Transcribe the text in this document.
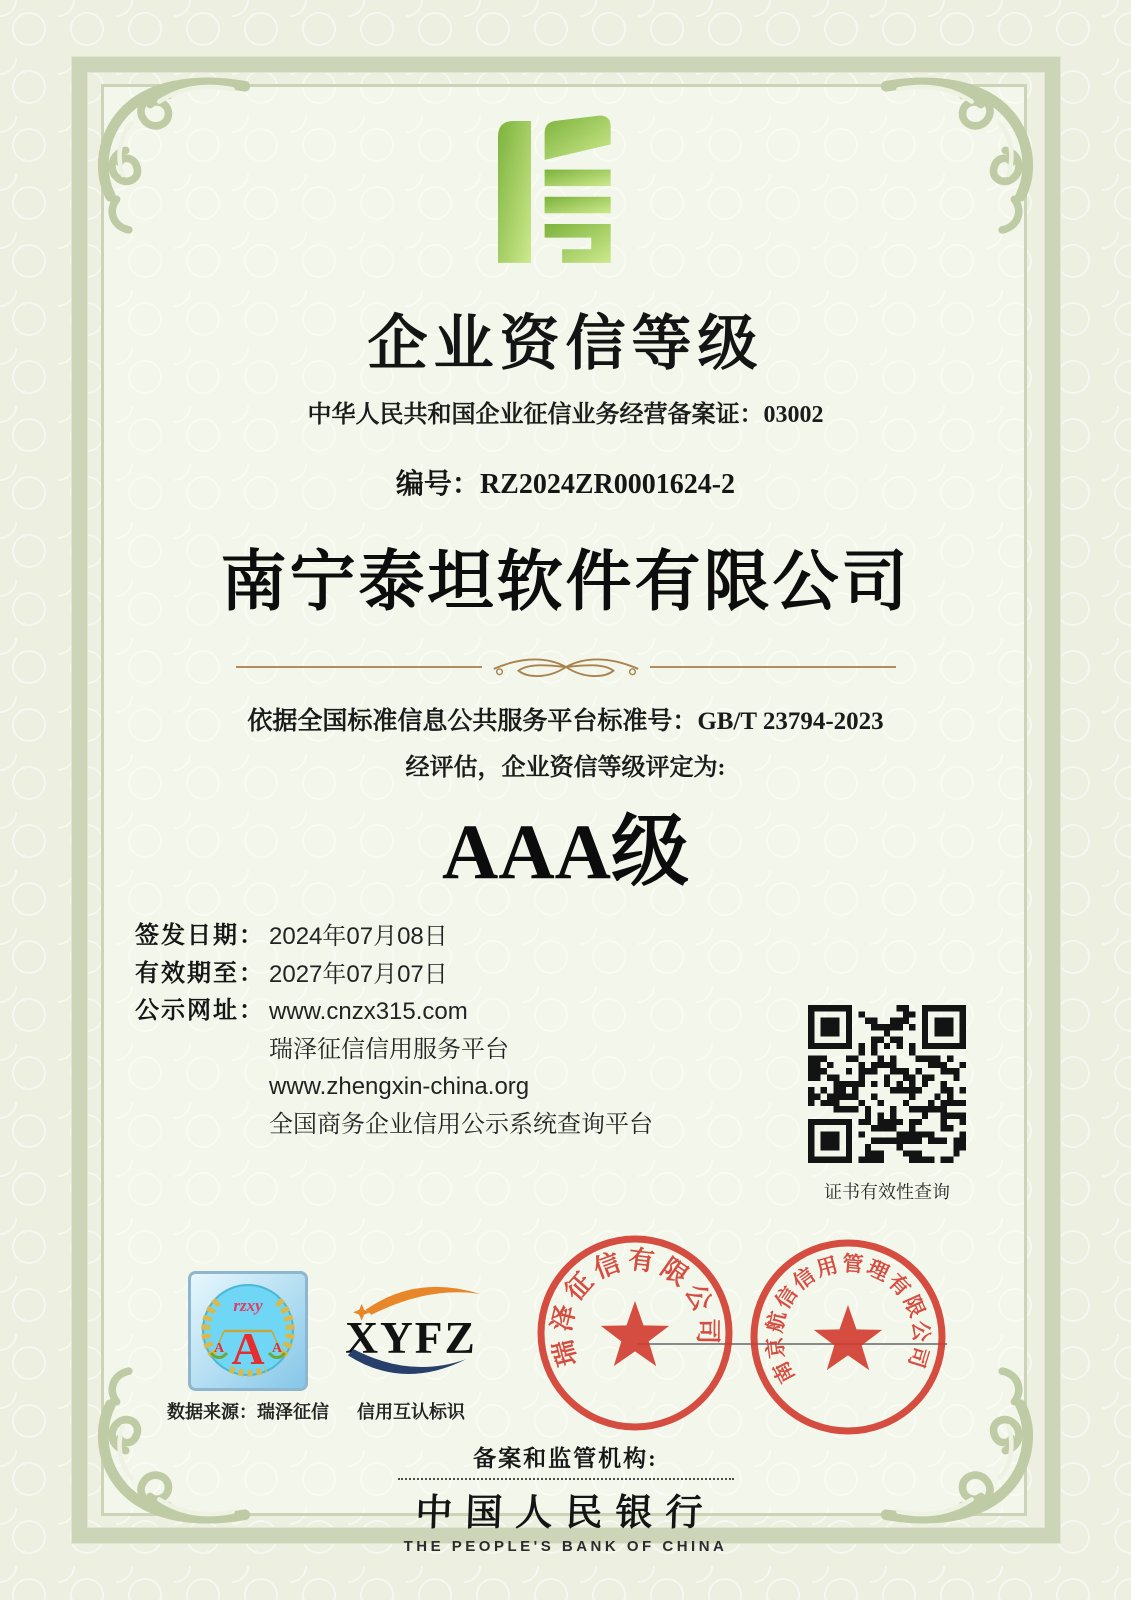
企业资信等级
中华人民共和国企业征信业务经营备案证：03002
编号：RZ2024ZR0001624-2
南宁泰坦软件有限公司
依据全国标准信息公共服务平台标准号：GB/T 23794-2023
经评估，企业资信等级评定为:
AAA级
签发日期： 2024年07月08日
有效期至： 2027年07月07日
公示网址： www.cnzx315.com
瑞泽征信信用服务平台
www.zhengxin-china.org
全国商务企业信用公示系统查询平台
证书有效性查询
瑞泽征信有限公司
南京航信信用管理有限公司
rzxy
A
A	A
数据来源：瑞泽征信
XYFZ
信用互认标识
备案和监管机构:
中国人民银行
THE PEOPLE'S BANK OF CHINA
